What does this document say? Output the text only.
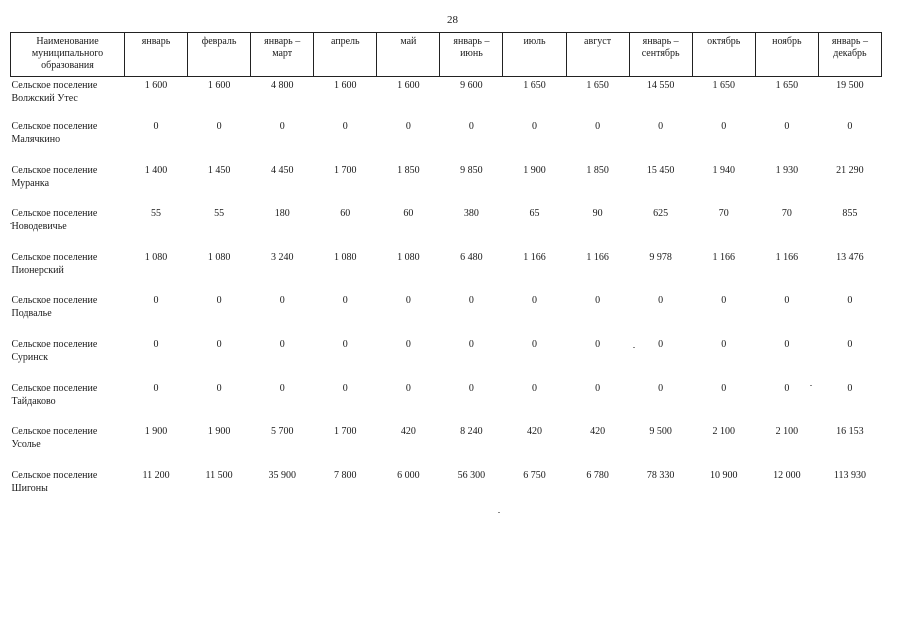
28
Наименование муниципального образования	январь	февраль	январь – март	апрель	май	январь – июнь	июль	август	январь – сентябрь	октябрь	ноябрь	январь – декабрь
Сельское поселение Волжский Утес	1 600	1 600	4 800	1 600	1 600	9 600	1 650	1 650	14 550	1 650	1 650	19 500
Сельское поселение Малячкино	0	0	0	0	0	0	0	0	0	0	0	0
Сельское поселение Муранка	1 400	1 450	4 450	1 700	1 850	9 850	1 900	1 850	15 450	1 940	1 930	21 290
Сельское поселение Новодевичье	55	55	180	60	60	380	65	90	625	70	70	855
Сельское поселение Пионерский	1 080	1 080	3 240	1 080	1 080	6 480	1 166	1 166	9 978	1 166	1 166	13 476
Сельское поселение Подвалье	0	0	0	0	0	0	0	0	0	0	0	0
Сельское поселение Суринск	0	0	0	0	0	0	0	0	0	0	0	0
Сельское поселение Тайдаково	0	0	0	0	0	0	0	0	0	0	0	0
Сельское поселение Усолье	1 900	1 900	5 700	1 700	420	8 240	420	420	9 500	2 100	2 100	16 153
Сельское поселение Шигоны	11 200	11 500	35 900	7 800	6 000	56 300	6 750	6 780	78 330	10 900	12 000	113 930
